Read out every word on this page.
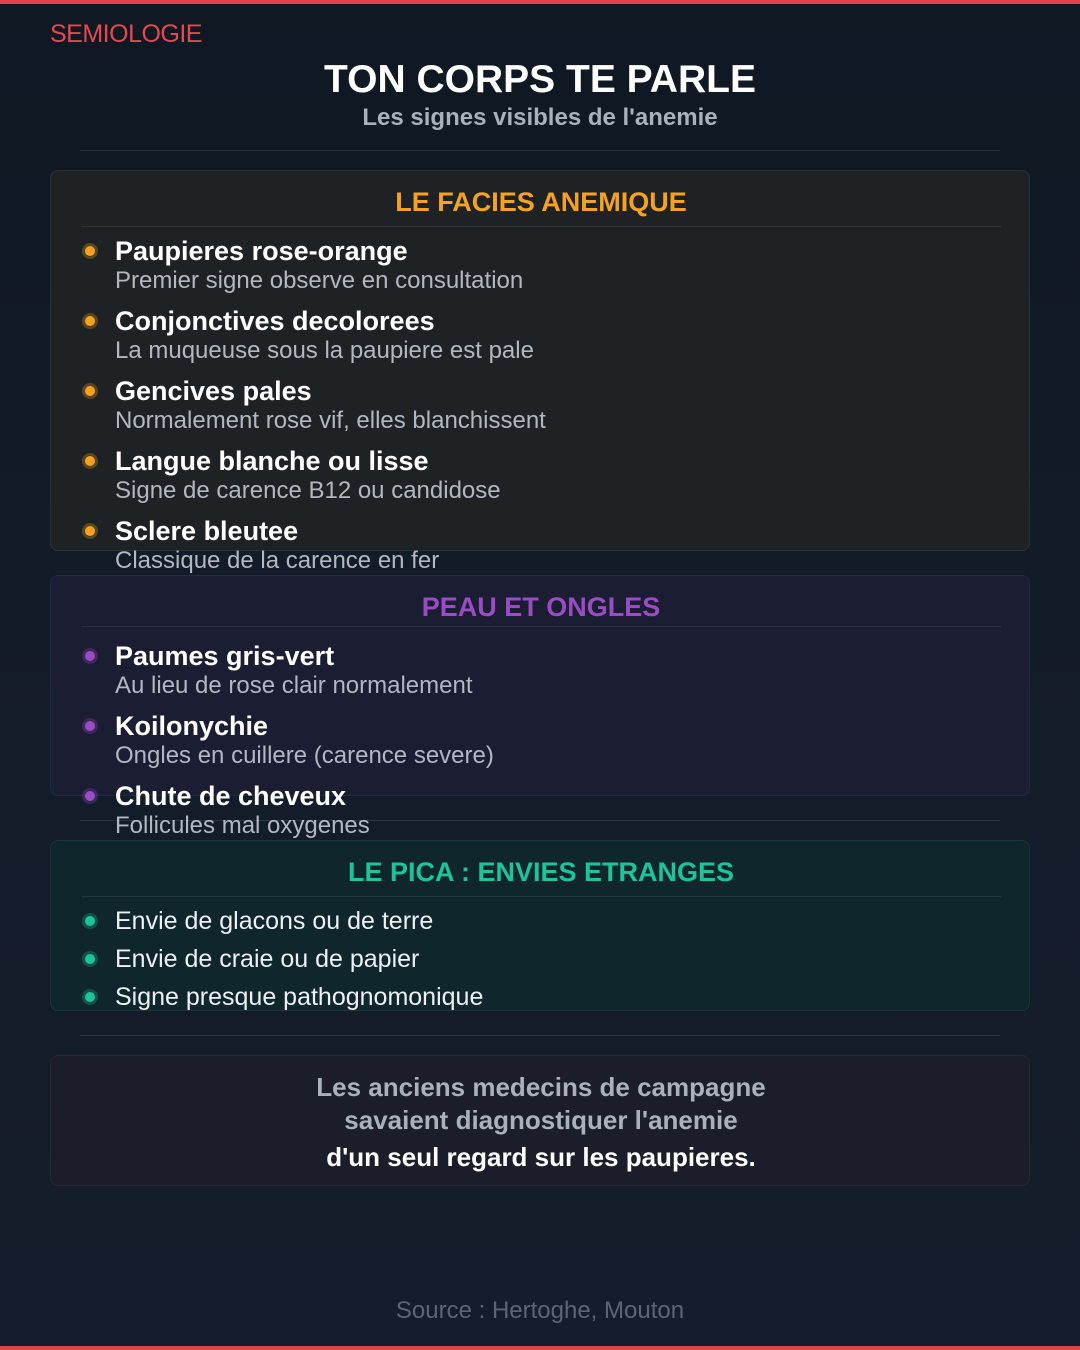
SEMIOLOGIE
TON CORPS TE PARLE
Les signes visibles de l'anemie
LE FACIES ANEMIQUE
Paupieres rose-orange
Premier signe observe en consultation
Conjonctives decolorees
La muqueuse sous la paupiere est pale
Gencives pales
Normalement rose vif, elles blanchissent
Langue blanche ou lisse
Signe de carence B12 ou candidose
Sclere bleutee
Classique de la carence en fer
PEAU ET ONGLES
Paumes gris-vert
Au lieu de rose clair normalement
Koilonychie
Ongles en cuillere (carence severe)
Chute de cheveux
Follicules mal oxygenes
LE PICA : ENVIES ETRANGES
Envie de glacons ou de terre
Envie de craie ou de papier
Signe presque pathognomonique
Les anciens medecins de campagne
savaient diagnostiquer l'anemie
d'un seul regard sur les paupieres.
Source : Hertoghe, Mouton
